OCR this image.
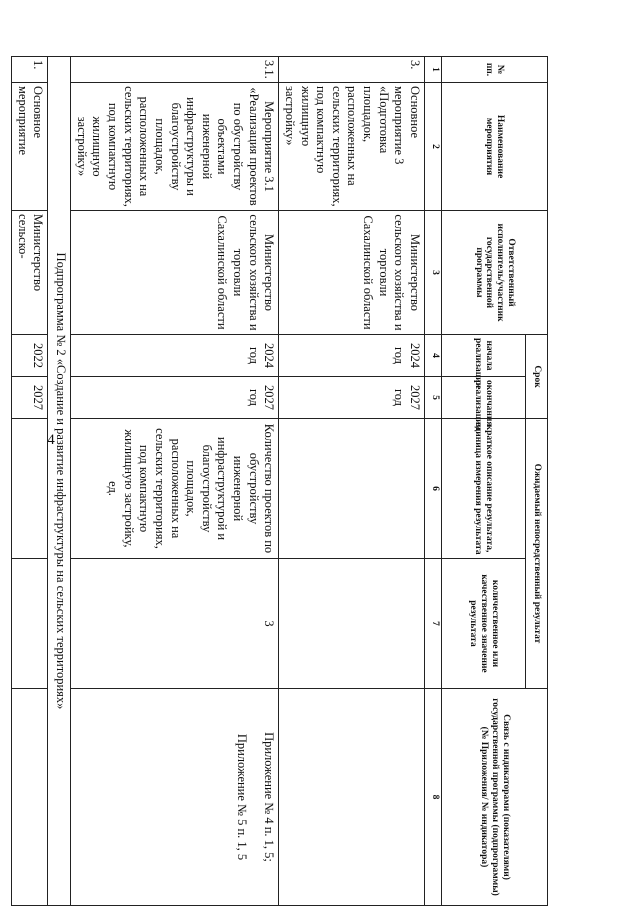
4
№ пп.	Наименование мероприятия	Ответственный исполнитель/участник государственной программы	Срок		Ожидаемый непосредственный результат		Связь с индикаторами (показателями) государственной программы (подпрограммы) (№ Приложения/ № индикатора)
			начала реализации	окончания реализации	краткое описание результата, единица измерения результата	количественное или качественное значение результата	
1	2	3	4	5	6	7	8
3.	Основное мероприятие 3 «Подготовка площадок, расположенных на сельских территориях, под компактную жилищную застройку»	Министерство сельского хозяйства и торговли Сахалинской области	2024 год	2027 год			
3.1.	Мероприятие 3.1 «Реализация проектов по обустройству объектами инженерной инфраструктуры и благоустройству площадок, расположенных на сельских территориях, под компактную жилищную застройку»	Министерство сельского хозяйства и торговли Сахалинской области	2024 год	2027 год	Количество проектов по обустройству инженерной инфраструктурой и благоустройству площадок, расположенных на сельских территориях, под компактную жилищную застройку, ед.	3	Приложение № 4 п. 1, 5;
Приложение № 5 п. 1, 5

Подпрограмма № 2 «Создание и развитие инфраструктуры на сельских территориях»							
1.	Основное мероприятие	Министерство сельско-	2022	2027			
